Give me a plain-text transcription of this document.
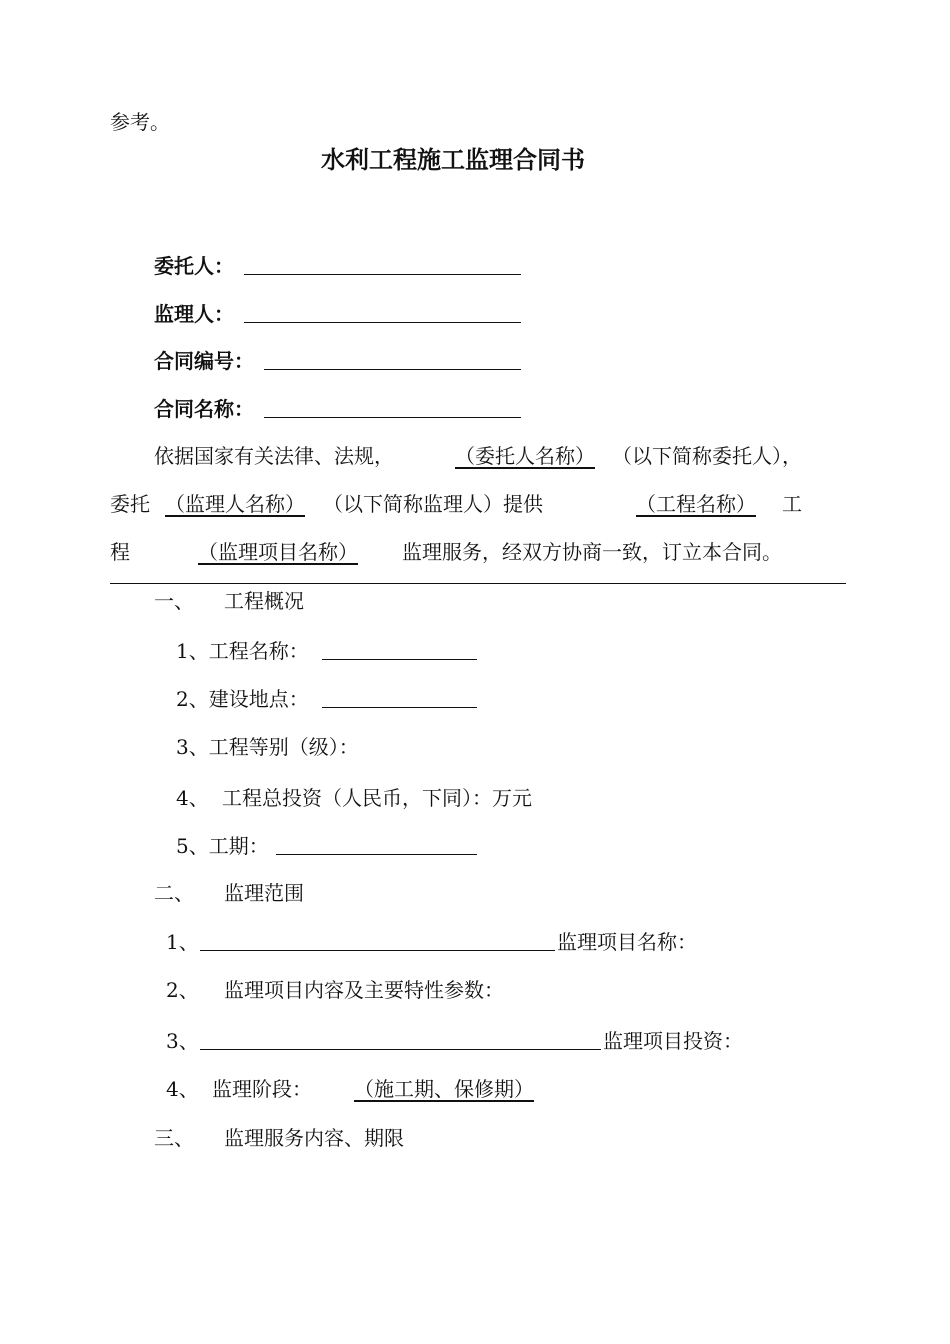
参考。
水利工程施工监理合同书
委托人：
监理人：
合同编号：
合同名称：
依据国家有关法律、法规，	（委托人名称） （以下简称委托人），
委托 （监理人名称） （以下简称监理人）提供	（工程名称） 工
程	（监理项目名称） 监理服务，经双方协商一致，订立本合同。
一、 工程概况
1、工程名称：
2、建设地点：
3、工程等别（级）：
4、 工程总投资（人民币，下同）：万元
5、工期：
二、 监理范围
1、	监理项目名称：
2、 监理项目内容及主要特性参数：
3、	监理项目投资：
4、 监理阶段： （施工期、保修期）
三、 监理服务内容、期限
